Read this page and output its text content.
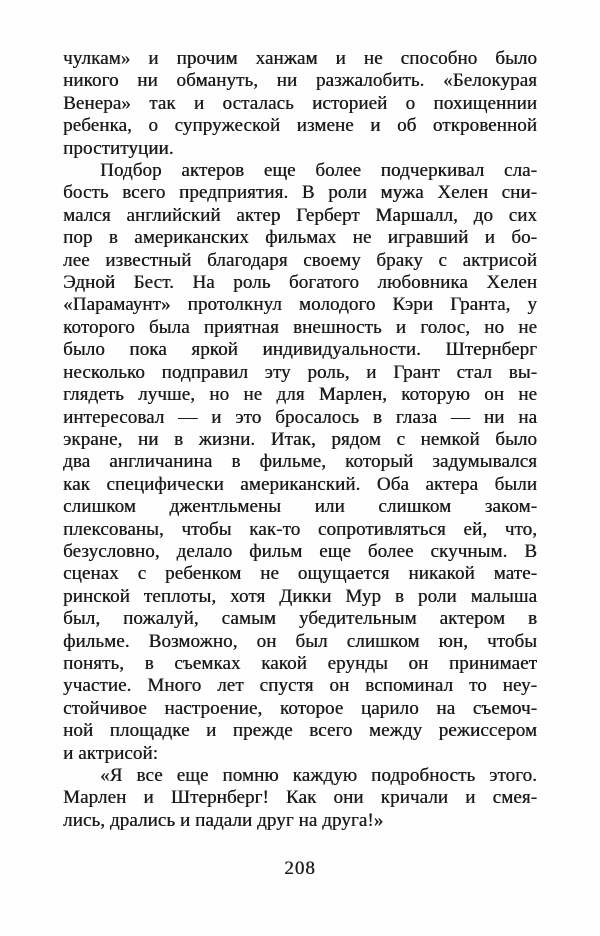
чулкам» и прочим ханжам и не способно было
никого ни обмануть, ни разжалобить. «Белокурая
Венера» так и осталась историей о похищеннии
ребенка, о супружеской измене и об откровенной
проституции.
Подбор актеров еще более подчеркивал сла-
бость всего предприятия. В роли мужа Хелен сни-
мался английский актер Герберт Маршалл, до сих
пор в американских фильмах не игравший и бо-
лее известный благодаря своему браку с актрисой
Эдной Бест. На роль богатого любовника Хелен
«Парамаунт» протолкнул молодого Кэри Гранта, у
которого была приятная внешность и голос, но не
было пока яркой индивидуальности. Штернберг
несколько подправил эту роль, и Грант стал вы-
глядеть лучше, но не для Марлен, которую он не
интересовал — и это бросалось в глаза — ни на
экране, ни в жизни. Итак, рядом с немкой было
два англичанина в фильме, который задумывался
как специфически американский. Оба актера были
слишком джентльмены или слишком заком-
плексованы, чтобы как-то сопротивляться ей, что,
безусловно, делало фильм еще более скучным. В
сценах с ребенком не ощущается никакой мате-
ринской теплоты, хотя Дикки Мур в роли малыша
был, пожалуй, самым убедительным актером в
фильме. Возможно, он был слишком юн, чтобы
понять, в съемках какой ерунды он принимает
участие. Много лет спустя он вспоминал то неу-
стойчивое настроение, которое царило на съемоч-
ной площадке и прежде всего между режиссером
и актрисой:
«Я все еще помню каждую подробность этого.
Марлен и Штернберг! Как они кричали и смея-
лись, дрались и падали друг на друга!»
208
